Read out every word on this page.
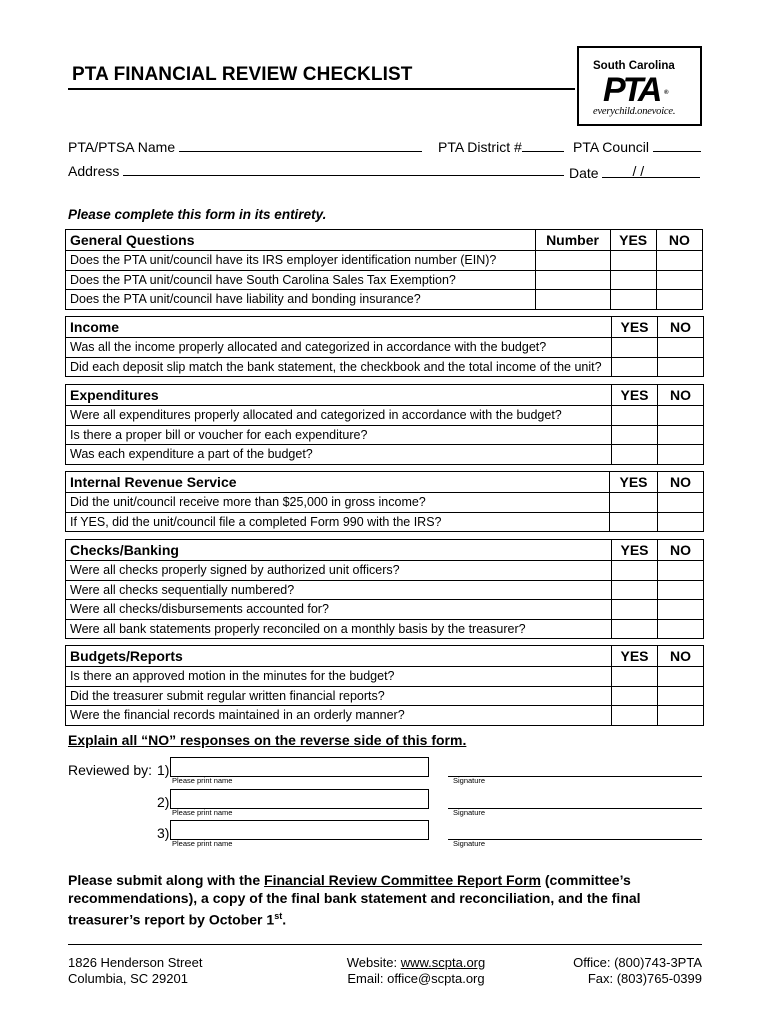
PTA FINANCIAL REVIEW CHECKLIST	South Carolina
PTA ®
everychild.onevoice.
PTA/PTSA Name	PTA District #	PTA Council
Address	Date / /
Please complete this form in its entirety.
General Questions	Number	YES	NO
Does the PTA unit/council have its IRS employer identification number (EIN)?			
Does the PTA unit/council have South Carolina Sales Tax Exemption?			
Does the PTA unit/council have liability and bonding insurance?			
Income	YES	NO
Was all the income properly allocated and categorized in accordance with the budget?		
Did each deposit slip match the bank statement, the checkbook and the total income of the unit?		
Expenditures	YES	NO
Were all expenditures properly allocated and categorized in accordance with the budget?		
Is there a proper bill or voucher for each expenditure?		
Was each expenditure a part of the budget?		
Internal Revenue Service	YES	NO
Did the unit/council receive more than $25,000 in gross income?		
If YES, did the unit/council file a completed Form 990 with the IRS?		
Checks/Banking	YES	NO
Were all checks properly signed by authorized unit officers?		
Were all checks sequentially numbered?		
Were all checks/disbursements accounted for?		
Were all bank statements properly reconciled on a monthly basis by the treasurer?		
Budgets/Reports	YES	NO
Is there an approved motion in the minutes for the budget?		
Did the treasurer submit regular written financial reports?		
Were the financial records maintained in an orderly manner?		
Explain all “NO” responses on the reverse side of this form.
Reviewed by: 1)
Please print name	Signature
2)
Please print name	Signature
3)
Please print name	Signature
Please submit along with the Financial Review Committee Report Form (committee’s recommendations), a copy of the final bank statement and reconciliation, and the final treasurer’s report by October 1st.
1826 Henderson Street
Columbia, SC 29201
Website: www.scpta.org
Email: office@scpta.org
Office: (800)743-3PTA
Fax: (803)765-0399
